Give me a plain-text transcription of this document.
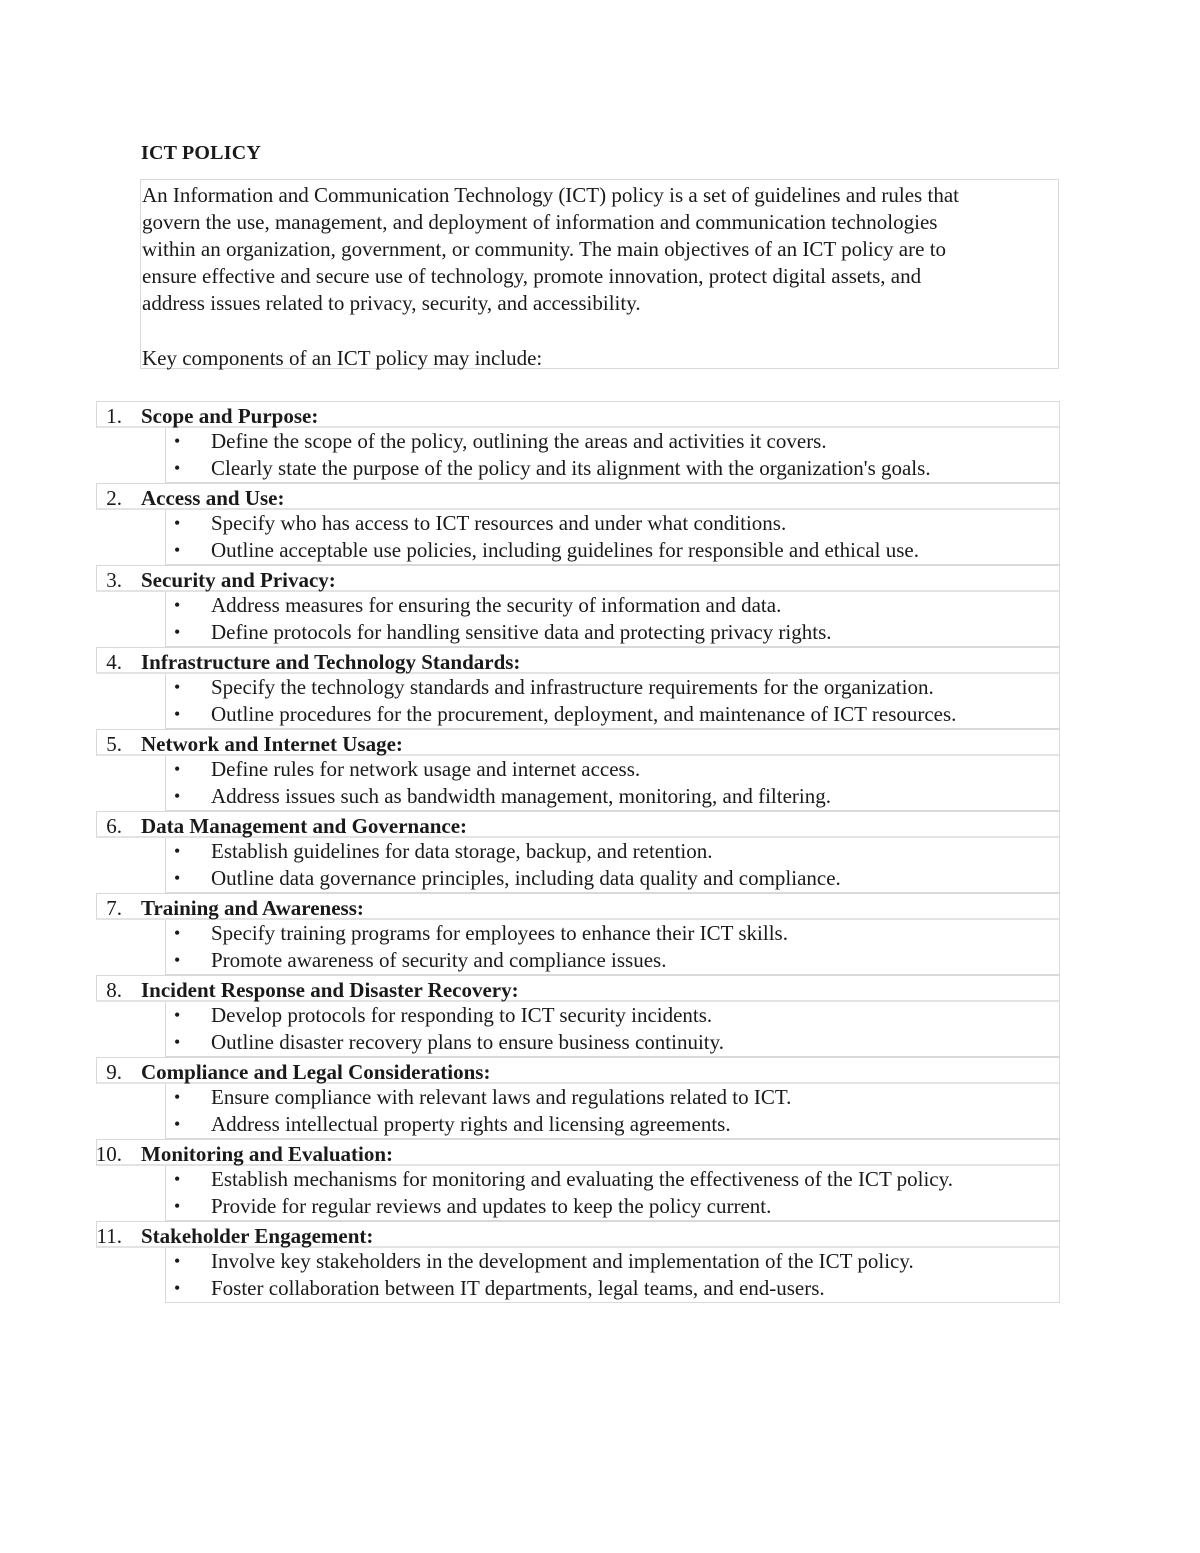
ICT POLICY

An Information and Communication Technology (ICT) policy is a set of guidelines and rules that

govern the use, management, and deployment of information and communication technologies

within an organization, government, or community. The main objectives of an ICT policy are to

ensure effective and secure use of technology, promote innovation, protect digital assets, and

address issues related to privacy, security, and accessibility.

Key components of an ICT policy may include:

1. Scope and Purpose:
• Define the scope of the policy, outlining the areas and activities it covers.
• Clearly state the purpose of the policy and its alignment with the organization's goals.
2. Access and Use:
• Specify who has access to ICT resources and under what conditions.
• Outline acceptable use policies, including guidelines for responsible and ethical use.
3. Security and Privacy:
• Address measures for ensuring the security of information and data.
• Define protocols for handling sensitive data and protecting privacy rights.
4. Infrastructure and Technology Standards:
• Specify the technology standards and infrastructure requirements for the organization.
• Outline procedures for the procurement, deployment, and maintenance of ICT resources.
5. Network and Internet Usage:
• Define rules for network usage and internet access.
• Address issues such as bandwidth management, monitoring, and filtering.
6. Data Management and Governance:
• Establish guidelines for data storage, backup, and retention.
• Outline data governance principles, including data quality and compliance.
7. Training and Awareness:
• Specify training programs for employees to enhance their ICT skills.
• Promote awareness of security and compliance issues.
8. Incident Response and Disaster Recovery:
• Develop protocols for responding to ICT security incidents.
• Outline disaster recovery plans to ensure business continuity.
9. Compliance and Legal Considerations:
• Ensure compliance with relevant laws and regulations related to ICT.
• Address intellectual property rights and licensing agreements.
10. Monitoring and Evaluation:
• Establish mechanisms for monitoring and evaluating the effectiveness of the ICT policy.
• Provide for regular reviews and updates to keep the policy current.
11. Stakeholder Engagement:
• Involve key stakeholders in the development and implementation of the ICT policy.
• Foster collaboration between IT departments, legal teams, and end-users.
